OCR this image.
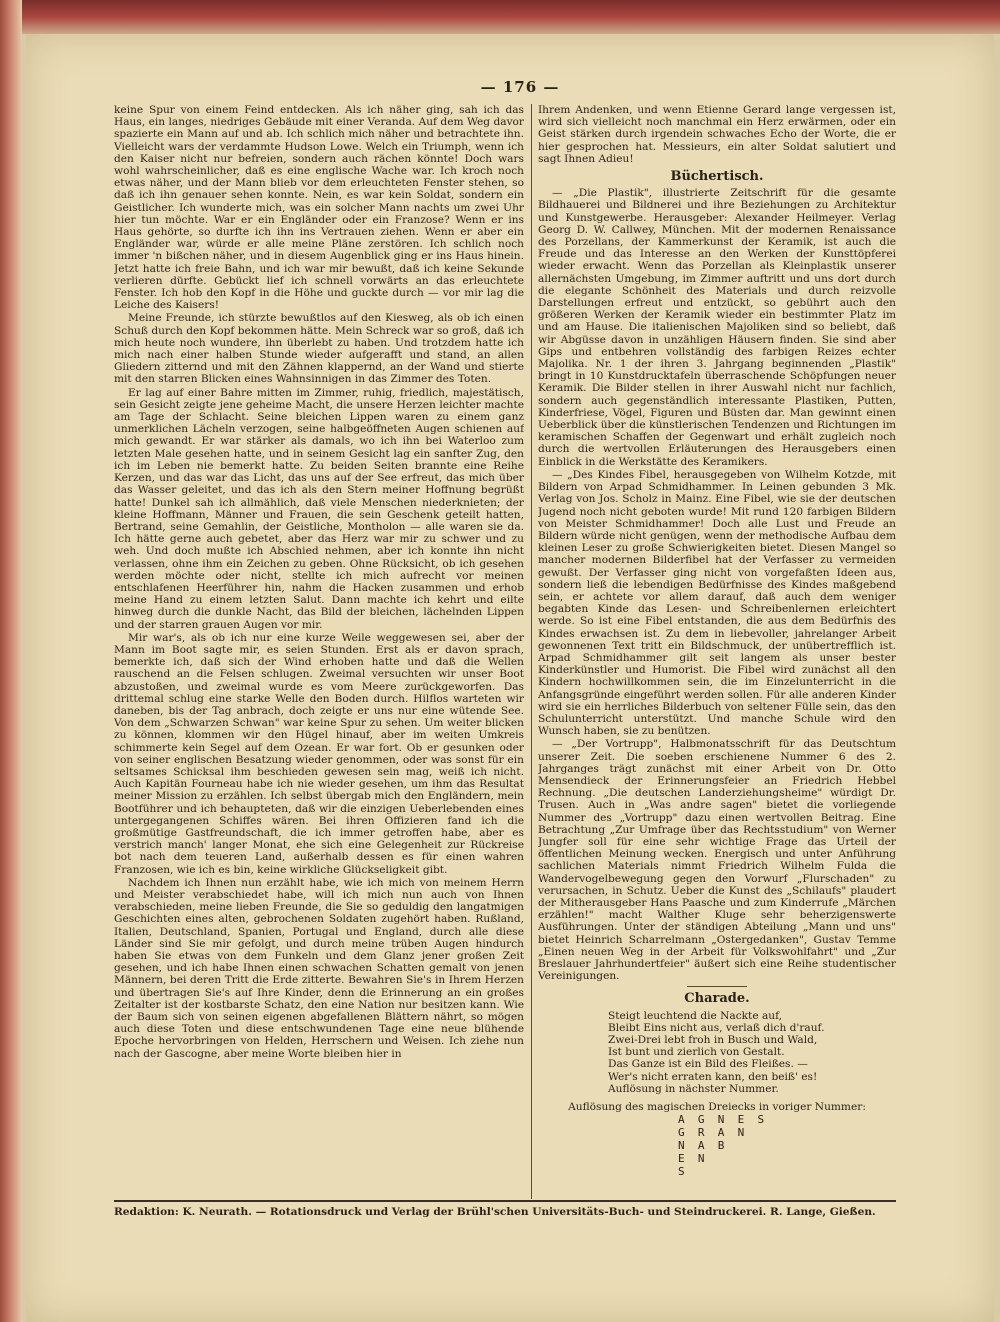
— 176 —

keine Spur von einem Feind entdecken. Als ich näher ging, sah ich das Haus, ein langes, niedriges Gebäude mit einer Veranda. Auf dem Weg davor spazierte ein Mann auf und ab. Ich schlich mich näher und betrachtete ihn. Vielleicht wars der verdammte Hudson Lowe. Welch ein Triumph, wenn ich den Kaiser nicht nur befreien, sondern auch rächen könnte! Doch wars wohl wahrscheinlicher, daß es eine englische Wache war. Ich kroch noch etwas näher, und der Mann blieb vor dem erleuchteten Fenster stehen, so daß ich ihn genauer sehen konnte. Nein, es war kein Soldat, sondern ein Geistlicher. Ich wunderte mich, was ein solcher Mann nachts um zwei Uhr hier tun möchte. War er ein Engländer oder ein Franzose? Wenn er ins Haus gehörte, so durfte ich ihn ins Vertrauen ziehen. Wenn er aber ein Engländer war, würde er alle meine Pläne zerstören. Ich schlich noch immer 'n bißchen näher, und in diesem Augenblick ging er ins Haus hinein. Jetzt hatte ich freie Bahn, und ich war mir bewußt, daß ich keine Sekunde verlieren dürfte. Gebückt lief ich schnell vorwärts an das erleuchtete Fenster. Ich hob den Kopf in die Höhe und guckte durch — vor mir lag die Leiche des Kaisers!

Meine Freunde, ich stürzte bewußtlos auf den Kiesweg, als ob ich einen Schuß durch den Kopf bekommen hätte. Mein Schreck war so groß, daß ich mich heute noch wundere, ihn überlebt zu haben. Und trotzdem hatte ich mich nach einer halben Stunde wieder aufgerafft und stand, an allen Gliedern zitternd und mit den Zähnen klappernd, an der Wand und stierte mit den starren Blicken eines Wahnsinnigen in das Zimmer des Toten.

Er lag auf einer Bahre mitten im Zimmer, ruhig, friedlich, majestätisch, sein Gesicht zeigte jene geheime Macht, die unsere Herzen leichter machte am Tage der Schlacht. Seine bleichen Lippen waren zu einem ganz unmerklichen Lächeln verzogen, seine halbgeöffneten Augen schienen auf mich gewandt. Er war stärker als damals, wo ich ihn bei Waterloo zum letzten Male gesehen hatte, und in seinem Gesicht lag ein sanfter Zug, den ich im Leben nie bemerkt hatte. Zu beiden Seiten brannte eine Reihe Kerzen, und das war das Licht, das uns auf der See erfreut, das mich über das Wasser geleitet, und das ich als den Stern meiner Hoffnung begrüßt hatte! Dunkel sah ich allmählich, daß viele Menschen niederknieten; der kleine Hoffmann, Männer und Frauen, die sein Geschenk geteilt hatten, Bertrand, seine Gemahlin, der Geistliche, Montholon — alle waren sie da. Ich hätte gerne auch gebetet, aber das Herz war mir zu schwer und zu weh. Und doch mußte ich Abschied nehmen, aber ich konnte ihn nicht verlassen, ohne ihm ein Zeichen zu geben. Ohne Rücksicht, ob ich gesehen werden möchte oder nicht, stellte ich mich aufrecht vor meinen entschlafenen Heerführer hin, nahm die Hacken zusammen und erhob meine Hand zu einem letzten Salut. Dann machte ich kehrt und eilte hinweg durch die dunkle Nacht, das Bild der bleichen, lächelnden Lippen und der starren grauen Augen vor mir.

Mir war's, als ob ich nur eine kurze Weile weggewesen sei, aber der Mann im Boot sagte mir, es seien Stunden. Erst als er davon sprach, bemerkte ich, daß sich der Wind erhoben hatte und daß die Wellen rauschend an die Felsen schlugen. Zweimal versuchten wir unser Boot abzustoßen, und zweimal wurde es vom Meere zurückgeworfen. Das drittemal schlug eine starke Welle den Boden durch. Hilflos warteten wir daneben, bis der Tag anbrach, doch zeigte er uns nur eine wütende See. Von dem „Schwarzen Schwan" war keine Spur zu sehen. Um weiter blicken zu können, klommen wir den Hügel hinauf, aber im weiten Umkreis schimmerte kein Segel auf dem Ozean. Er war fort. Ob er gesunken oder von seiner englischen Besatzung wieder genommen, oder was sonst für ein seltsames Schicksal ihm beschieden gewesen sein mag, weiß ich nicht. Auch Kapitän Fourneau habe ich nie wieder gesehen, um ihm das Resultat meiner Mission zu erzählen. Ich selbst übergab mich den Engländern, mein Bootführer und ich behaupteten, daß wir die einzigen Ueberlebenden eines untergegangenen Schiffes wären. Bei ihren Offizieren fand ich die großmütige Gastfreundschaft, die ich immer getroffen habe, aber es verstrich manch' langer Monat, ehe sich eine Gelegenheit zur Rückreise bot nach dem teueren Land, außerhalb dessen es für einen wahren Franzosen, wie ich es bin, keine wirkliche Glückseligkeit gibt.

Nachdem ich Ihnen nun erzählt habe, wie ich mich von meinem Herrn und Meister verabschiedet habe, will ich mich nun auch von Ihnen verabschieden, meine lieben Freunde, die Sie so geduldig den langatmigen Geschichten eines alten, gebrochenen Soldaten zugehört haben. Rußland, Italien, Deutschland, Spanien, Portugal und England, durch alle diese Länder sind Sie mir gefolgt, und durch meine trüben Augen hindurch haben Sie etwas von dem Funkeln und dem Glanz jener großen Zeit gesehen, und ich habe Ihnen einen schwachen Schatten gemalt von jenen Männern, bei deren Tritt die Erde zitterte. Bewahren Sie's in Ihrem Herzen und übertragen Sie's auf Ihre Kinder, denn die Erinnerung an ein großes Zeitalter ist der kostbarste Schatz, den eine Nation nur besitzen kann. Wie der Baum sich von seinen eigenen abgefallenen Blättern nährt, so mögen auch diese Toten und diese entschwundenen Tage eine neue blühende Epoche hervorbringen von Helden, Herrschern und Weisen. Ich ziehe nun nach der Gascogne, aber meine Worte bleiben hier in

Ihrem Andenken, und wenn Etienne Gerard lange vergessen ist, wird sich vielleicht noch manchmal ein Herz erwärmen, oder ein Geist stärken durch irgendein schwaches Echo der Worte, die er hier gesprochen hat. Messieurs, ein alter Soldat salutiert und sagt Ihnen Adieu!

Büchertisch.

— „Die Plastik", illustrierte Zeitschrift für die gesamte Bildhauerei und Bildnerei und ihre Beziehungen zu Architektur und Kunstgewerbe. Herausgeber: Alexander Heilmeyer. Verlag Georg D. W. Callwey, München. Mit der modernen Renaissance des Porzellans, der Kammerkunst der Keramik, ist auch die Freude und das Interesse an den Werken der Kunsttöpferei wieder erwacht. Wenn das Porzellan als Kleinplastik unserer allernächsten Umgebung, im Zimmer auftritt und uns dort durch die elegante Schönheit des Materials und durch reizvolle Darstellungen erfreut und entzückt, so gebührt auch den größeren Werken der Keramik wieder ein bestimmter Platz im und am Hause. Die italienischen Majoliken sind so beliebt, daß wir Abgüsse davon in unzähligen Häusern finden. Sie sind aber Gips und entbehren vollständig des farbigen Reizes echter Majolika. Nr. 1 der ihren 3. Jahrgang beginnenden „Plastik" bringt in 10 Kunstdrucktafeln überraschende Schöpfungen neuer Keramik. Die Bilder stellen in ihrer Auswahl nicht nur fachlich, sondern auch gegenständlich interessante Plastiken, Putten, Kinderfriese, Vögel, Figuren und Büsten dar. Man gewinnt einen Ueberblick über die künstlerischen Tendenzen und Richtungen im keramischen Schaffen der Gegenwart und erhält zugleich noch durch die wertvollen Erläuterungen des Herausgebers einen Einblick in die Werkstätte des Keramikers.

— „Des Kindes Fibel, herausgegeben von Wilhelm Kotzde, mit Bildern von Arpad Schmidhammer. In Leinen gebunden 3 Mk. Verlag von Jos. Scholz in Mainz. Eine Fibel, wie sie der deutschen Jugend noch nicht geboten wurde! Mit rund 120 farbigen Bildern von Meister Schmidhammer! Doch alle Lust und Freude an Bildern würde nicht genügen, wenn der methodische Aufbau dem kleinen Leser zu große Schwierigkeiten bietet. Diesen Mangel so mancher modernen Bilderfibel hat der Verfasser zu vermeiden gewußt. Der Verfasser ging nicht von vorgefaßten Ideen aus, sondern ließ die lebendigen Bedürfnisse des Kindes maßgebend sein, er achtete vor allem darauf, daß auch dem weniger begabten Kinde das Lesen- und Schreibenlernen erleichtert werde. So ist eine Fibel entstanden, die aus dem Bedürfnis des Kindes erwachsen ist. Zu dem in liebevoller, jahrelanger Arbeit gewonnenen Text tritt ein Bildschmuck, der unübertrefflich ist. Arpad Schmidhammer gilt seit langem als unser bester Kinderkünstler und Humorist. Die Fibel wird zunächst all den Kindern hochwillkommen sein, die im Einzelunterricht in die Anfangsgründe eingeführt werden sollen. Für alle anderen Kinder wird sie ein herrliches Bilderbuch von seltener Fülle sein, das den Schulunterricht unterstützt. Und manche Schule wird den Wunsch haben, sie zu benützen.

— „Der Vortrupp", Halbmonatsschrift für das Deutschtum unserer Zeit. Die soeben erschienene Nummer 6 des 2. Jahrganges trägt zunächst mit einer Arbeit von Dr. Otto Mensendieck der Erinnerungsfeier an Friedrich Hebbel Rechnung. „Die deutschen Landerziehungsheime" würdigt Dr. Trusen. Auch in „Was andre sagen" bietet die vorliegende Nummer des „Vortrupp" dazu einen wertvollen Beitrag. Eine Betrachtung „Zur Umfrage über das Rechtsstudium" von Werner Jungfer soll für eine sehr wichtige Frage das Urteil der öffentlichen Meinung wecken. Energisch und unter Anführung sachlichen Materials nimmt Friedrich Wilhelm Fulda die Wandervogelbewegung gegen den Vorwurf „Flurschaden" zu verursachen, in Schutz. Ueber die Kunst des „Schilaufs" plaudert der Mitherausgeber Hans Paasche und zum Kinderrufe „Märchen erzählen!" macht Walther Kluge sehr beherzigenswerte Ausführungen. Unter der ständigen Abteilung „Mann und uns" bietet Heinrich Scharrelmann „Ostergedanken", Gustav Temme „Einen neuen Weg in der Arbeit für Volkswohlfahrt" und „Zur Breslauer Jahrhundertfeier" äußert sich eine Reihe studentischer Vereinigungen.

Charade.
Steigt leuchtend die Nackte auf,
Bleibt Eins nicht aus, verlaß dich d'rauf.
Zwei-Drei lebt froh in Busch und Wald,
Ist bunt und zierlich von Gestalt.
Das Ganze ist ein Bild des Fleißes. —
Wer's nicht erraten kann, den beiß' es!
Auflösung in nächster Nummer.
Auflösung des magischen Dreiecks in voriger Nummer:
A  G  N  E  S
G  R  A  N
N  A  B
E  N
S
Redaktion: K. Neurath. — Rotationsdruck und Verlag der Brühl'schen Universitäts-Buch- und Steindruckerei. R. Lange, Gießen.
